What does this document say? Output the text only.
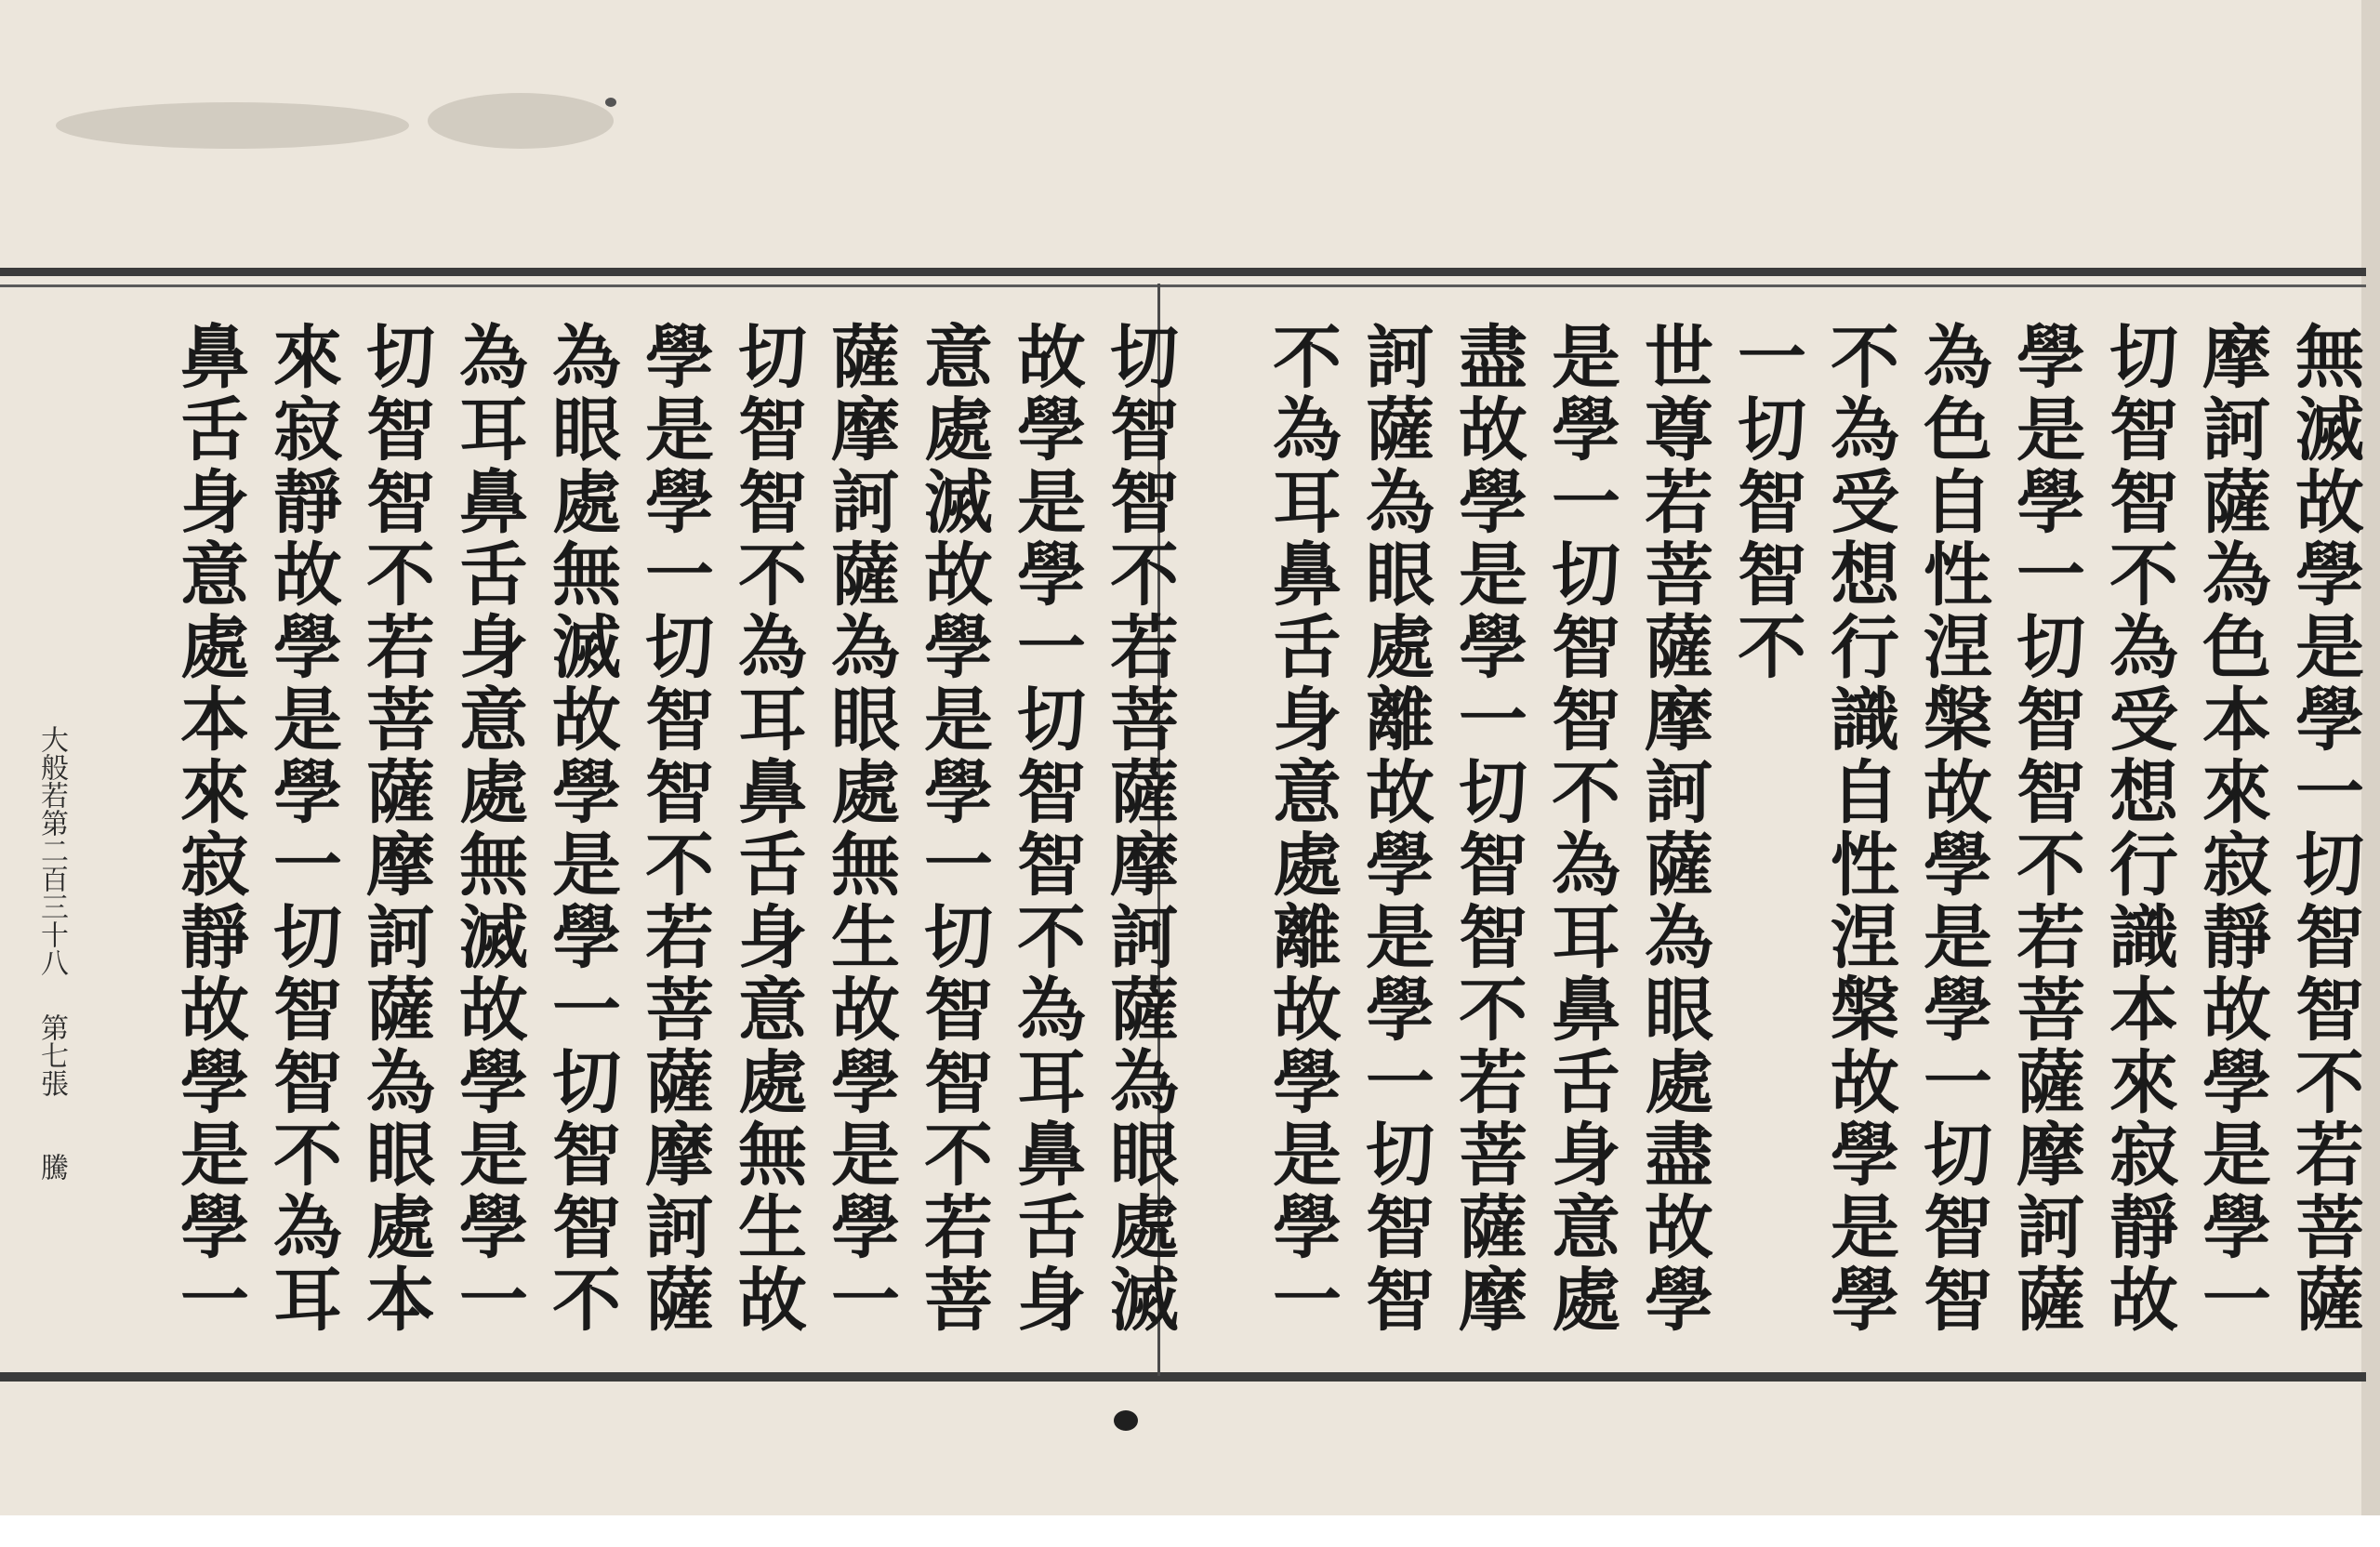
無滅故學是學一切智智不若菩薩
摩訶薩為色本來寂靜故學是學一
切智智不為受想行識本來寂靜故
學是學一切智智不若菩薩摩訶薩
為色自性涅槃故學是學一切智智
不為受想行識自性涅槃故學是學
一切智智不
世尊若菩薩摩訶薩為眼處盡故學
是學一切智智不為耳鼻舌身意處
盡故學是學一切智智不若菩薩摩
訶薩為眼處離故學是學一切智智
不為耳鼻舌身意處離故學是學一
切智智不若菩薩摩訶薩為眼處滅
故學是學一切智智不為耳鼻舌身
意處滅故學是學一切智智不若菩
薩摩訶薩為眼處無生故學是學一
切智智不為耳鼻舌身意處無生故
學是學一切智智不若菩薩摩訶薩
為眼處無滅故學是學一切智智不
為耳鼻舌身意處無滅故學是學一
切智智不若菩薩摩訶薩為眼處本
來寂靜故學是學一切智智不為耳
鼻舌身意處本來寂靜故學是學一
大般若第二百三十八
第七張
騰
